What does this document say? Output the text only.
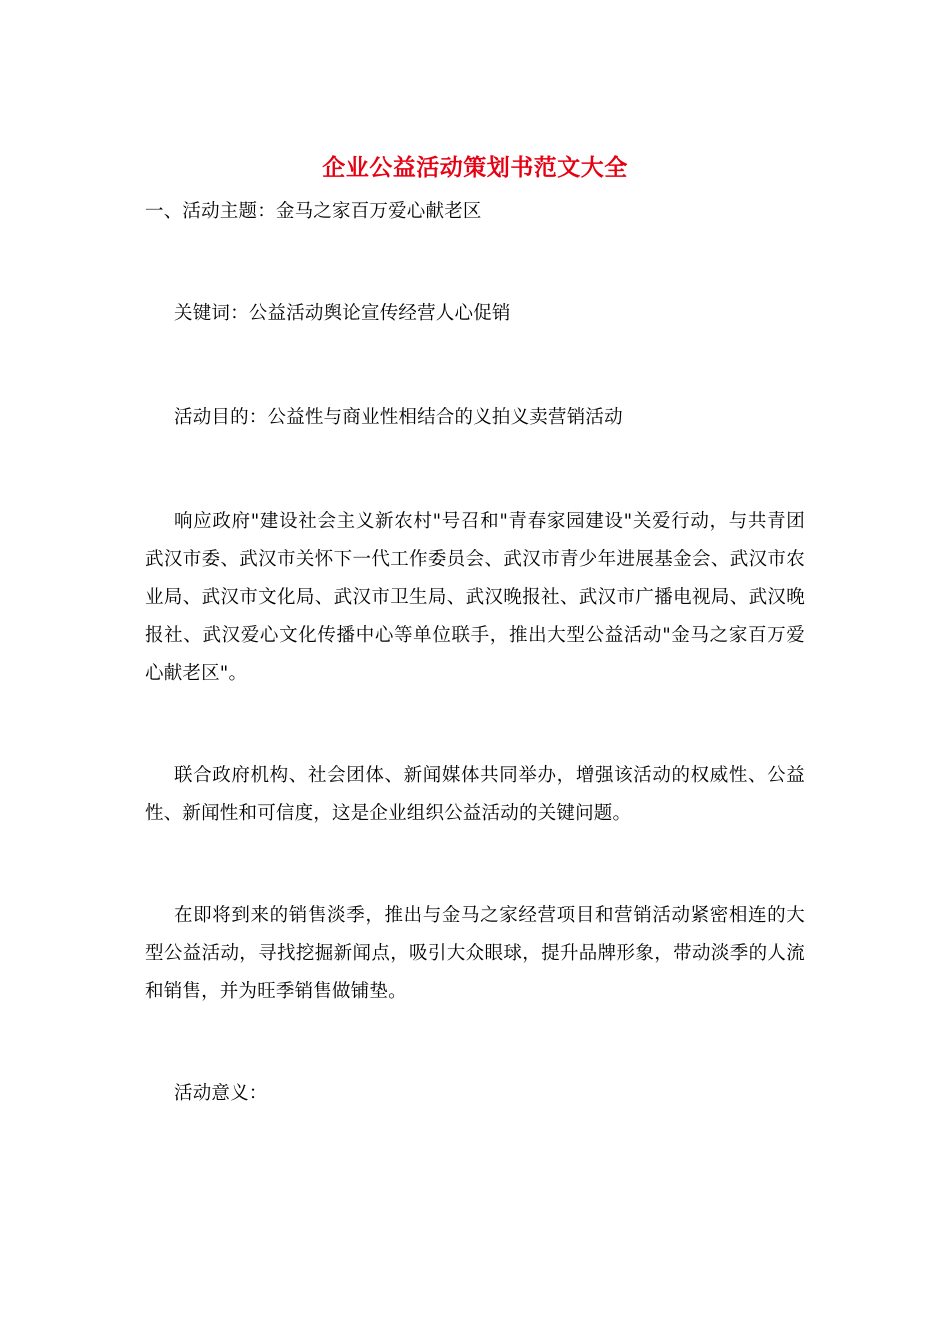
企业公益活动策划书范文大全

一、活动主题：金马之家百万爱心献老区

关键词：公益活动舆论宣传经营人心促销

活动目的：公益性与商业性相结合的义拍义卖营销活动

响应政府"建设社会主义新农村"号召和"青春家园建设"关爱行动，与共青团武汉市委、武汉市关怀下一代工作委员会、武汉市青少年进展基金会、武汉市农业局、武汉市文化局、武汉市卫生局、武汉晚报社、武汉市广播电视局、武汉晚报社、武汉爱心文化传播中心等单位联手，推出大型公益活动"金马之家百万爱心献老区"。

联合政府机构、社会团体、新闻媒体共同举办，增强该活动的权威性、公益性、新闻性和可信度，这是企业组织公益活动的关键问题。

在即将到来的销售淡季，推出与金马之家经营项目和营销活动紧密相连的大型公益活动，寻找挖掘新闻点，吸引大众眼球，提升品牌形象，带动淡季的人流和销售，并为旺季销售做铺垫。

活动意义：
